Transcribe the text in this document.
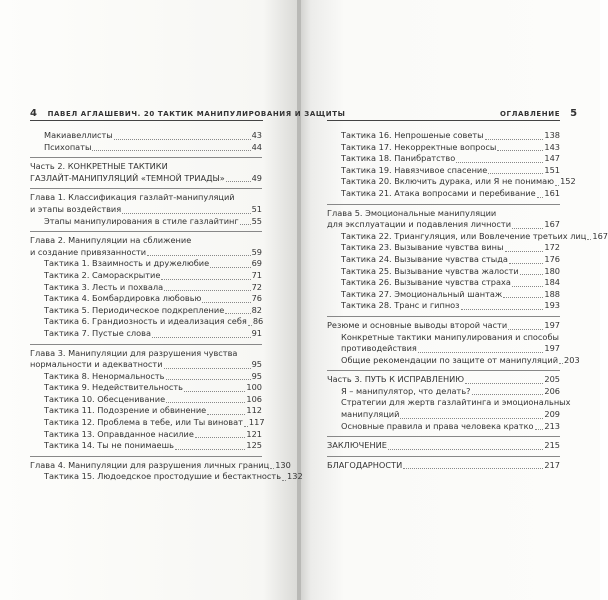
4 ПАВЕЛ АГЛАШЕВИЧ. 20 ТАКТИК МАНИПУЛИРОВАНИЯ И ЗАЩИТЫ	ОГЛАВЛЕНИЕ 5
Макиавеллисты	43
Психопаты	44
Часть 2. КОНКРЕТНЫЕ ТАКТИКИ
ГАЗЛАЙТ-МАНИПУЛЯЦИЙ «ТЕМНОЙ ТРИАДЫ»	49
Глава 1. Классификация газлайт-манипуляций
и этапы воздействия	51
Этапы манипулирования в стиле газлайтинг 55
Глава 2. Манипуляции на сближение
и создание привязанности	59
Тактика 1. Взаимность и дружелюбие	69
Тактика 2. Самораскрытие	71
Тактика 3. Лесть и похвала	72
Тактика 4. Бомбардировка любовью	76
Тактика 5. Периодическое подкрепление	82
Тактика 6. Грандиозность и идеализация себя 86
Тактика 7. Пустые слова	91
Глава 3. Манипуляции для разрушения чувства
нормальности и адекватности	95
Тактика 8. Ненормальность	95
Тактика 9. Недействительность	100
Тактика 10. Обесценивание	106
Тактика 11. Подозрение и обвинение	112
Тактика 12. Проблема в тебе, или Ты виноват 117
Тактика 13. Оправданное насилие	121
Тактика 14. Ты не понимаешь	125
Глава 4. Манипуляции для разрушения личных границ 130
Тактика 15. Людоедское простодушие и бестактность 132
Тактика 16. Непрошеные советы	138
Тактика 17. Некорректные вопросы	143
Тактика 18. Панибратство	147
Тактика 19. Навязчивое спасение	151
Тактика 20. Включить дурака, или Я не понимаю 152
Тактика 21. Атака вопросами и перебивание 161
Глава 5. Эмоциональные манипуляции
для эксплуатации и подавления личности	167
Тактика 22. Триангуляция, или Вовлечение третьих лиц 167
Тактика 23. Вызывание чувства вины	172
Тактика 24. Вызывание чувства стыда	176
Тактика 25. Вызывание чувства жалости	180
Тактика 26. Вызывание чувства страха	184
Тактика 27. Эмоциональный шантаж	188
Тактика 28. Транс и гипноз	193
Резюме и основные выводы второй части	197
Конкретные тактики манипулирования и способы
противодействия	197
Общие рекомендации по защите от манипуляций 203
Часть 3. ПУТЬ К ИСПРАВЛЕНИЮ	205
Я – манипулятор, что делать?	206
Стратегии для жертв газлайтинга и эмоциональных
манипуляций	209
Основные правила и права человека кратко 213
ЗАКЛЮЧЕНИЕ	215
БЛАГОДАРНОСТИ	217
